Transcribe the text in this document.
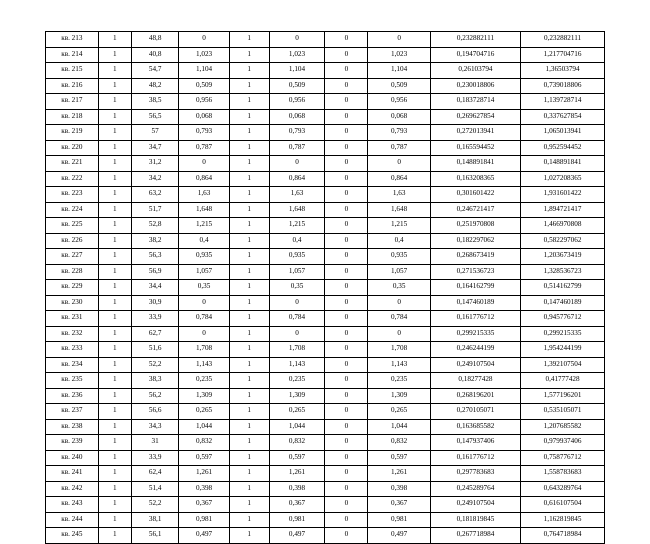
кв. 213	1	48,8	0	1	0	0	0	0,232882111	0,232882111
кв. 214	1	40,8	1,023	1	1,023	0	1,023	0,194704716	1,217704716
кв. 215	1	54,7	1,104	1	1,104	0	1,104	0,26103794	1,36503794
кв. 216	1	48,2	0,509	1	0,509	0	0,509	0,230018806	0,739018806
кв. 217	1	38,5	0,956	1	0,956	0	0,956	0,183728714	1,139728714
кв. 218	1	56,5	0,068	1	0,068	0	0,068	0,269627854	0,337627854
кв. 219	1	57	0,793	1	0,793	0	0,793	0,272013941	1,065013941
кв. 220	1	34,7	0,787	1	0,787	0	0,787	0,165594452	0,952594452
кв. 221	1	31,2	0	1	0	0	0	0,148891841	0,148891841
кв. 222	1	34,2	0,864	1	0,864	0	0,864	0,163208365	1,027208365
кв. 223	1	63,2	1,63	1	1,63	0	1,63	0,301601422	1,931601422
кв. 224	1	51,7	1,648	1	1,648	0	1,648	0,246721417	1,894721417
кв. 225	1	52,8	1,215	1	1,215	0	1,215	0,251970808	1,466970808
кв. 226	1	38,2	0,4	1	0,4	0	0,4	0,182297062	0,582297062
кв. 227	1	56,3	0,935	1	0,935	0	0,935	0,268673419	1,203673419
кв. 228	1	56,9	1,057	1	1,057	0	1,057	0,271536723	1,328536723
кв. 229	1	34,4	0,35	1	0,35	0	0,35	0,164162799	0,514162799
кв. 230	1	30,9	0	1	0	0	0	0,147460189	0,147460189
кв. 231	1	33,9	0,784	1	0,784	0	0,784	0,161776712	0,945776712
кв. 232	1	62,7	0	1	0	0	0	0,299215335	0,299215335
кв. 233	1	51,6	1,708	1	1,708	0	1,708	0,246244199	1,954244199
кв. 234	1	52,2	1,143	1	1,143	0	1,143	0,249107504	1,392107504
кв. 235	1	38,3	0,235	1	0,235	0	0,235	0,18277428	0,41777428
кв. 236	1	56,2	1,309	1	1,309	0	1,309	0,268196201	1,577196201
кв. 237	1	56,6	0,265	1	0,265	0	0,265	0,270105071	0,535105071
кв. 238	1	34,3	1,044	1	1,044	0	1,044	0,163685582	1,207685582
кв. 239	1	31	0,832	1	0,832	0	0,832	0,147937406	0,979937406
кв. 240	1	33,9	0,597	1	0,597	0	0,597	0,161776712	0,758776712
кв. 241	1	62,4	1,261	1	1,261	0	1,261	0,297783683	1,558783683
кв. 242	1	51,4	0,398	1	0,398	0	0,398	0,245289764	0,643289764
кв. 243	1	52,2	0,367	1	0,367	0	0,367	0,249107504	0,616107504
кв. 244	1	38,1	0,981	1	0,981	0	0,981	0,181819845	1,162819845
кв. 245	1	56,1	0,497	1	0,497	0	0,497	0,267718984	0,764718984
